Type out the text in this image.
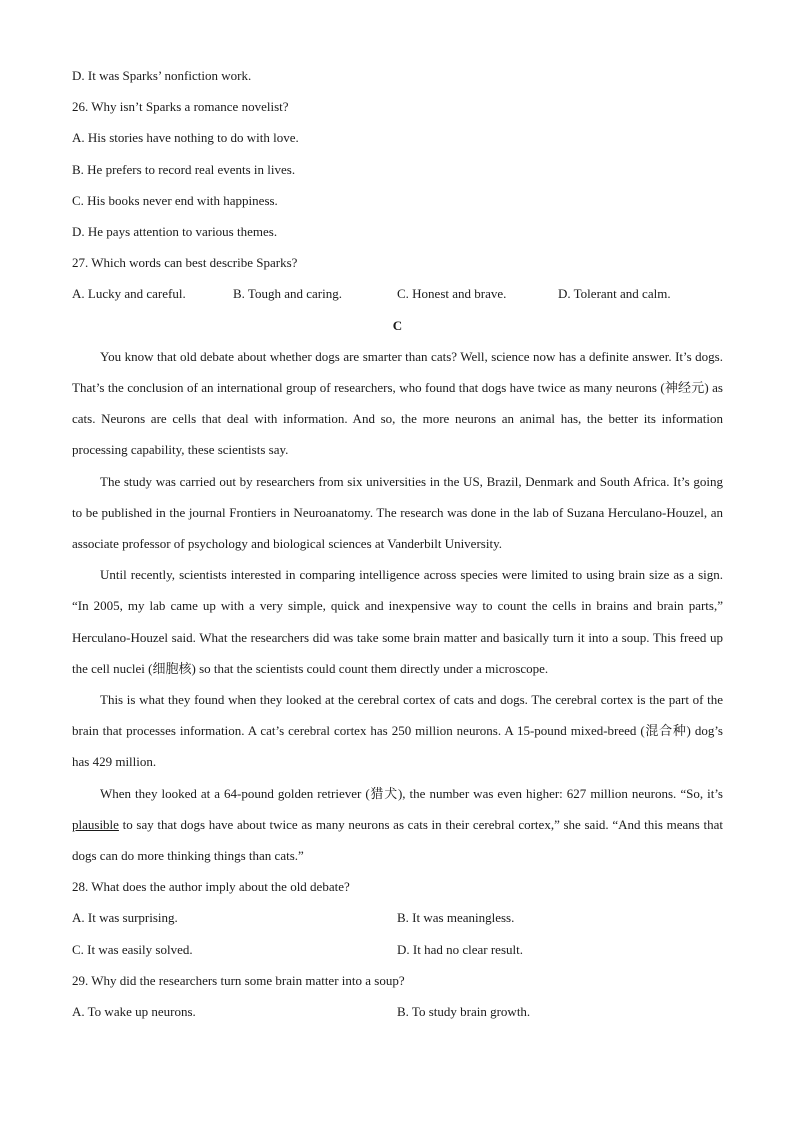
D. It was Sparks’ nonfiction work.
26. Why isn’t Sparks a romance novelist?
A. His stories have nothing to do with love.
B. He prefers to record real events in lives.
C. His books never end with happiness.
D. He pays attention to various themes.
27. Which words can best describe Sparks?
A. Lucky and careful.	B. Tough and caring.	C. Honest and brave.	D. Tolerant and calm.
C

You know that old debate about whether dogs are smarter than cats? Well, science now has a definite answer. It’s dogs. That’s the conclusion of an international group of researchers, who found that dogs have twice as many neurons (神经元) as cats. Neurons are cells that deal with information. And so, the more neurons an animal has, the better its information processing capability, these scientists say.

The study was carried out by researchers from six universities in the US, Brazil, Denmark and South Africa. It’s going to be published in the journal Frontiers in Neuroanatomy. The research was done in the lab of Suzana Herculano-Houzel, an associate professor of psychology and biological sciences at Vanderbilt University.

Until recently, scientists interested in comparing intelligence across species were limited to using brain size as a sign. “In 2005, my lab came up with a very simple, quick and inexpensive way to count the cells in brains and brain parts,” Herculano-Houzel said. What the researchers did was take some brain matter and basically turn it into a soup. This freed up the cell nuclei (细胞核) so that the scientists could count them directly under a microscope.

This is what they found when they looked at the cerebral cortex of cats and dogs. The cerebral cortex is the part of the brain that processes information. A cat’s cerebral cortex has 250 million neurons. A 15-pound mixed-breed (混合种) dog’s has 429 million.

When they looked at a 64-pound golden retriever (猎犬), the number was even higher: 627 million neurons. “So, it’s plausible to say that dogs have about twice as many neurons as cats in their cerebral cortex,” she said. “And this means that dogs can do more thinking things than cats.”

28. What does the author imply about the old debate?
A. It was surprising.	B. It was meaningless.
C. It was easily solved.	D. It had no clear result.
29. Why did the researchers turn some brain matter into a soup?
A. To wake up neurons.	B. To study brain growth.
